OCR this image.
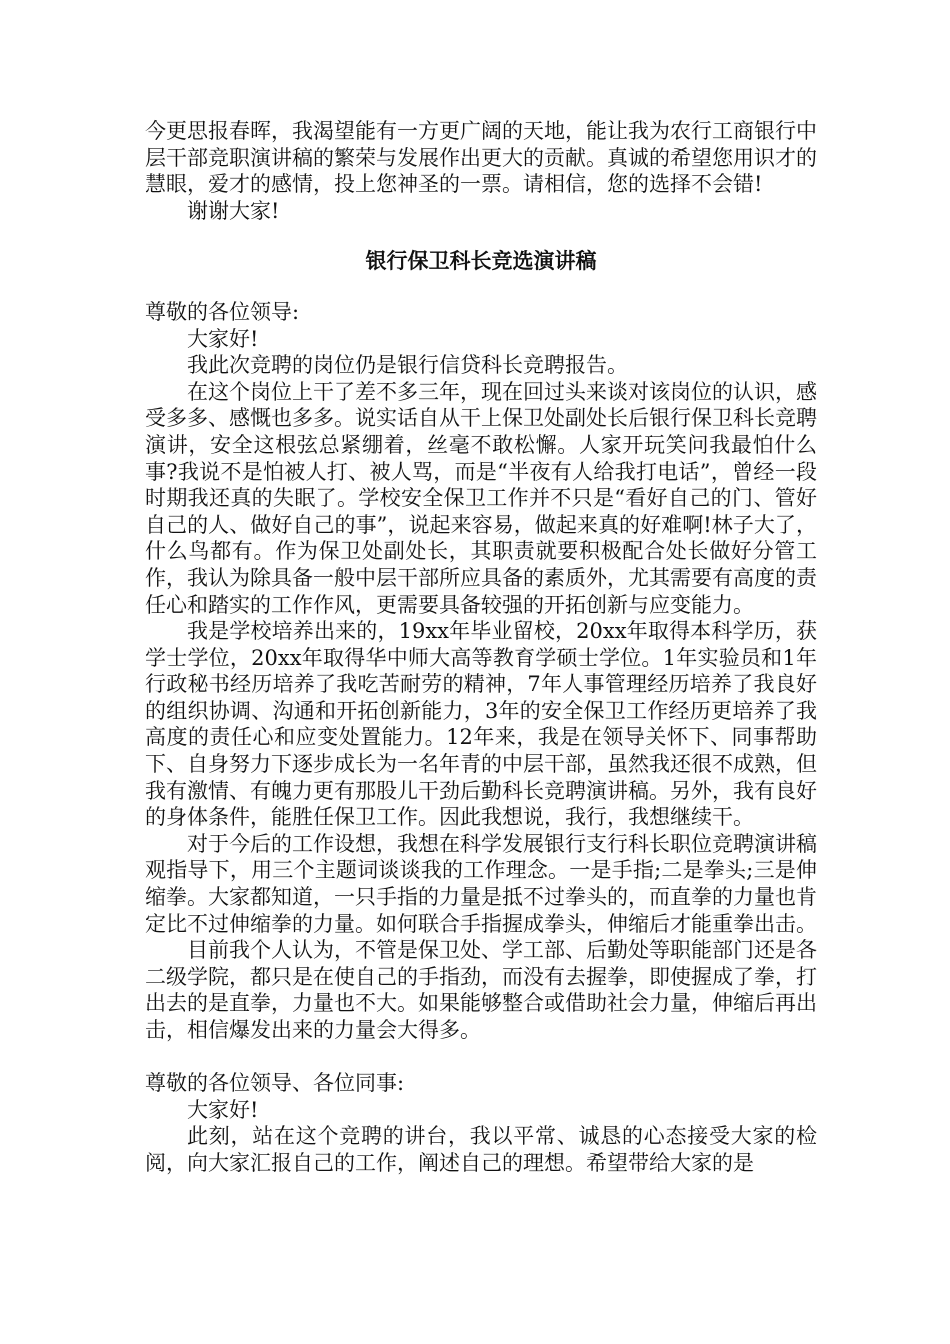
今更思报春晖，我渴望能有一方更广阔的天地，能让我为农行工商银行中层干部竞职演讲稿的繁荣与发展作出更大的贡献。真诚的希望您用识才的慧眼，爱才的感情，投上您神圣的一票。请相信，您的选择不会错!

谢谢大家!

银行保卫科长竞选演讲稿

尊敬的各位领导:

大家好!

我此次竞聘的岗位仍是银行信贷科长竞聘报告。

在这个岗位上干了差不多三年，现在回过头来谈对该岗位的认识，感受多多、感慨也多多。说实话自从干上保卫处副处长后银行保卫科长竞聘演讲，安全这根弦总紧绷着，丝毫不敢松懈。人家开玩笑问我最怕什么事?我说不是怕被人打、被人骂，而是“半夜有人给我打电话”，曾经一段时期我还真的失眠了。学校安全保卫工作并不只是“看好自己的门、管好自己的人、做好自己的事”，说起来容易，做起来真的好难啊!林子大了，什么鸟都有。作为保卫处副处长，其职责就要积极配合处长做好分管工作，我认为除具备一般中层干部所应具备的素质外，尤其需要有高度的责任心和踏实的工作作风，更需要具备较强的开拓创新与应变能力。

我是学校培养出来的，19xx年毕业留校，20xx年取得本科学历，获学士学位，20xx年取得华中师大高等教育学硕士学位。1年实验员和1年行政秘书经历培养了我吃苦耐劳的精神，7年人事管理经历培养了我良好的组织协调、沟通和开拓创新能力，3年的安全保卫工作经历更培养了我高度的责任心和应变处置能力。12年来，我是在领导关怀下、同事帮助下、自身努力下逐步成长为一名年青的中层干部，虽然我还很不成熟，但我有激情、有魄力更有那股儿干劲后勤科长竞聘演讲稿。另外，我有良好的身体条件，能胜任保卫工作。因此我想说，我行，我想继续干。

对于今后的工作设想，我想在科学发展银行支行科长职位竞聘演讲稿观指导下，用三个主题词谈谈我的工作理念。一是手指;二是拳头;三是伸缩拳。大家都知道，一只手指的力量是抵不过拳头的，而直拳的力量也肯定比不过伸缩拳的力量。如何联合手指握成拳头，伸缩后才能重拳出击。

目前我个人认为，不管是保卫处、学工部、后勤处等职能部门还是各二级学院，都只是在使自己的手指劲，而没有去握拳，即使握成了拳，打出去的是直拳，力量也不大。如果能够整合或借助社会力量，伸缩后再出击，相信爆发出来的力量会大得多。

尊敬的各位领导、各位同事:

大家好!

此刻，站在这个竞聘的讲台，我以平常、诚恳的心态接受大家的检阅，向大家汇报自己的工作，阐述自己的理想。希望带给大家的是
